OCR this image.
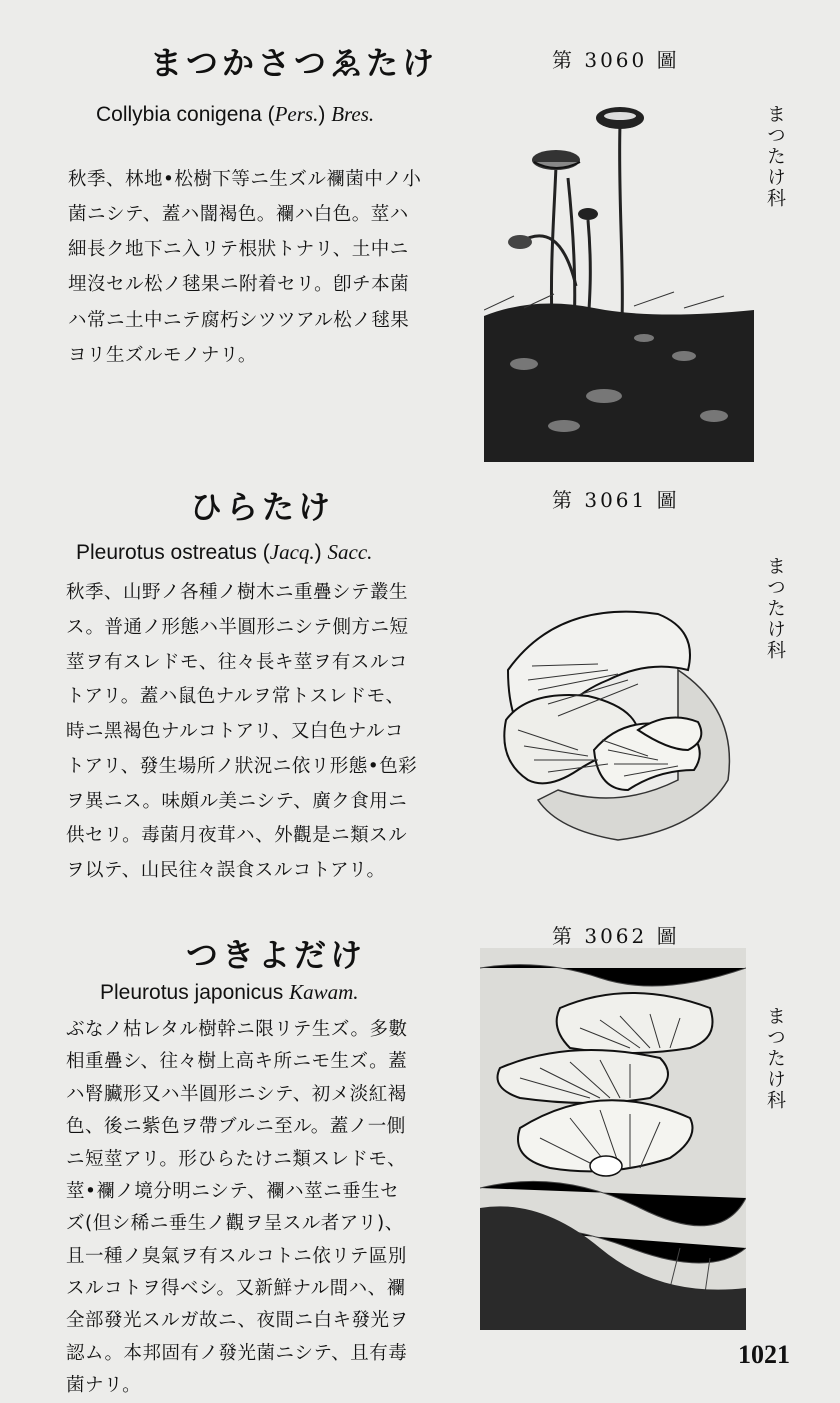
まつかさつゑたけ	第 3060 圖
Collybia conigena (Pers.) Bres.
秋季、林地•松樹下等ニ生ズル襴菌中ノ小
菌ニシテ、蓋ハ闇褐色。襴ハ白色。莖ハ
細長ク地下ニ入リテ根狀トナリ、土中ニ
埋沒セル松ノ毬果ニ附着セリ。卽チ本菌
ハ常ニ土中ニテ腐朽シツツアル松ノ毬果
ヨリ生ズルモノナリ。
まつたけ科
ひらたけ	第 3061 圖
Pleurotus ostreatus (Jacq.) Sacc.
秋季、山野ノ各種ノ樹木ニ重疊シテ叢生
ス。普通ノ形態ハ半圓形ニシテ側方ニ短
莖ヲ有スレドモ、往々長キ莖ヲ有スルコ
トアリ。蓋ハ鼠色ナルヲ常トスレドモ、
時ニ黑褐色ナルコトアリ、又白色ナルコ
トアリ、發生場所ノ狀況ニ依リ形態•色彩
ヲ異ニス。味頗ル美ニシテ、廣ク食用ニ
供セリ。毒菌月夜茸ハ、外觀是ニ類スル
ヲ以テ、山民往々誤食スルコトアリ。
まつたけ科
第 3062 圖
つきよだけ
Pleurotus japonicus Kawam.
ぶなノ枯レタル樹幹ニ限リテ生ズ。多數
相重疊シ、往々樹上高キ所ニモ生ズ。蓋
ハ腎臟形又ハ半圓形ニシテ、初メ淡紅褐
色、後ニ紫色ヲ帶ブルニ至ル。蓋ノ一側
ニ短莖アリ。形ひらたけニ類スレドモ、
莖•襴ノ境分明ニシテ、襴ハ莖ニ垂生セ
ズ(但シ稀ニ垂生ノ觀ヲ呈スル者アリ)、
且一種ノ臭氣ヲ有スルコトニ依リテ區別
スルコトヲ得ベシ。又新鮮ナル間ハ、襴
全部發光スルガ故ニ、夜間ニ白キ發光ヲ
認ム。本邦固有ノ發光菌ニシテ、且有毒
菌ナリ。
まつたけ科
1021
